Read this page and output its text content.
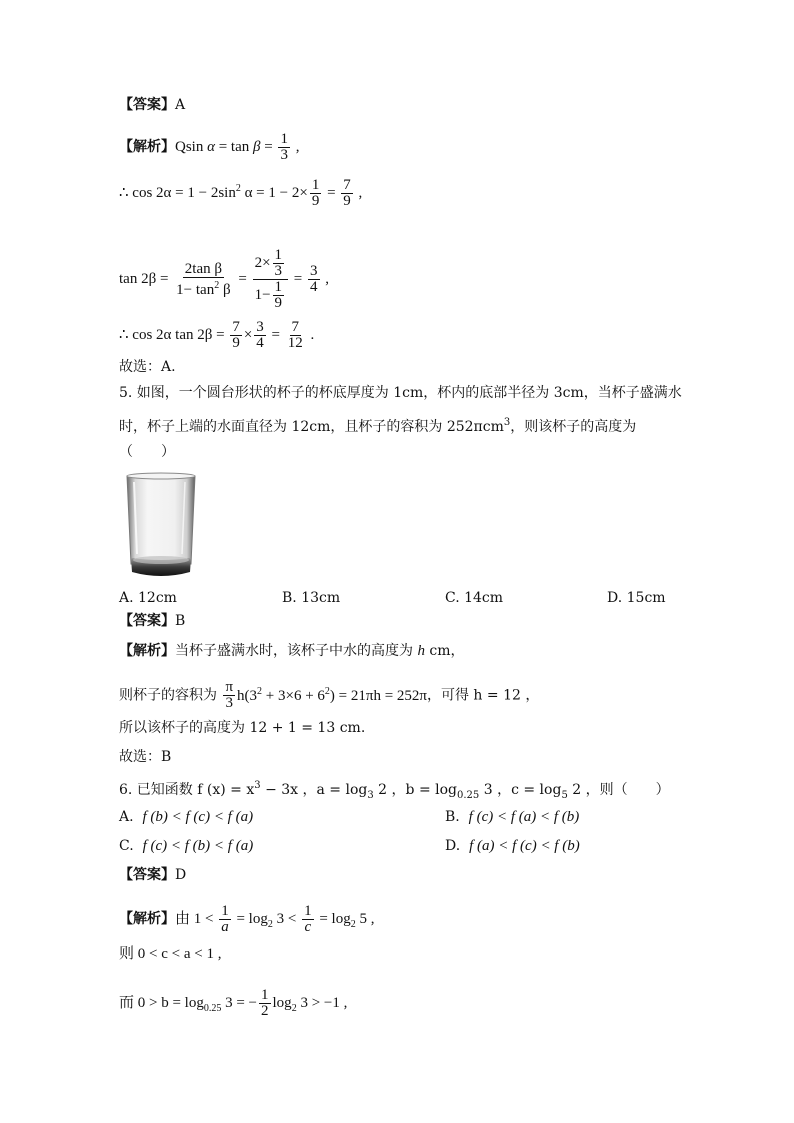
【答案】A
【解析】Qsin $\alpha = \tan \beta = \frac{1}{3}$ ,
∴ $\cos 2\alpha = 1 - 2\sin^2$ $\alpha = 1 - 2\times \frac{1}{9} = \frac{7}{9}$ ,
$\tan 2\beta = \frac{\text{2tan β}}{1- \tan^2 \beta} = \frac{2\times \frac{1}{3}}{1- \frac{1}{9}} = \frac{3}{4}$ ,
∴ cos 2α $\tan 2\beta = \frac{7}{9} \times \frac{3}{4} = \frac{7}{12}$ .
故选：A.
5. 如图，一个圆台形状的杯子的杯底厚度为 1cm，杯内的底部半径为 3cm，当杯子盛满水
时，杯子上端的水面直径为 12cm，且杯子的容积为 252πcm$^3$，则该杯子的高度为
（　　）
A. 12cm	B. 13cm	C. 14cm	D. 15cm
【答案】B
【解析】当杯子盛满水时，该杯子中水的高度为 h cm，
则杯子的容积为 $\frac{\pi}{3} h(3^2 + 3\times 6 + 6^2) = 21\pi h = 252\pi$，可得 h = 12 ，
所以该杯子的高度为 12 + 1 = 13 cm.
故选：B
6. 已知函数 f $(x) = x^3 - 3x$ ，$a = \log_3 2$ ，$b = \log_{0.25} 3$ ，$c = \log_5 2$ ，则（　　）
A. f (b) < f (c) < f (a)	B. f (c) < f (a) < f (b)
C. f (c) < f (b) < f (a)	D. f (a) < f (c) < f (b)
【答案】D
【解析】由 $1 < \frac{1}{a} = \log_2 3 < \frac{1}{c} = \log_2 5$ ,
则 0 < c < a < 1 ,
而 $0 > b = \log_{0.25} 3$ = − $\frac{1}{2} \log_2 3 > -1$ ,
